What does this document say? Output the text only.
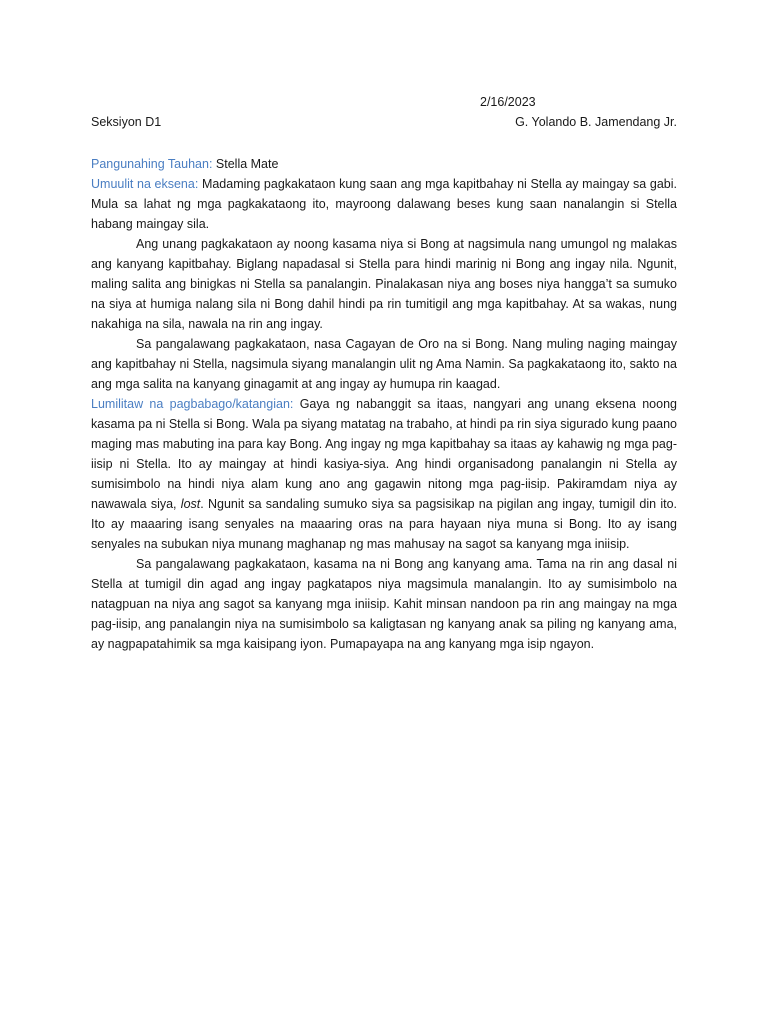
2/16/2023
Seksiyon D1	G. Yolando B. Jamendang Jr.

Pangunahing Tauhan: Stella Mate

Umuulit na eksena: Madaming pagkakataon kung saan ang mga kapitbahay ni Stella ay maingay sa gabi. Mula sa lahat ng mga pagkakataong ito, mayroong dalawang beses kung saan nanalangin si Stella habang maingay sila.

Ang unang pagkakataon ay noong kasama niya si Bong at nagsimula nang umungol ng malakas ang kanyang kapitbahay. Biglang napadasal si Stella para hindi marinig ni Bong ang ingay nila. Ngunit, maling salita ang binigkas ni Stella sa panalangin. Pinalakasan niya ang boses niya hangga’t sa sumuko na siya at humiga nalang sila ni Bong dahil hindi pa rin tumitigil ang mga kapitbahay. At sa wakas, nung nakahiga na sila, nawala na rin ang ingay.

Sa pangalawang pagkakataon, nasa Cagayan de Oro na si Bong. Nang muling naging maingay ang kapitbahay ni Stella, nagsimula siyang manalangin ulit ng Ama Namin. Sa pagkakataong ito, sakto na ang mga salita na kanyang ginagamit at ang ingay ay humupa rin kaagad.

Lumilitaw na pagbabago/katangian: Gaya ng nabanggit sa itaas, nangyari ang unang eksena noong kasama pa ni Stella si Bong. Wala pa siyang matatag na trabaho, at hindi pa rin siya sigurado kung paano maging mas mabuting ina para kay Bong. Ang ingay ng mga kapitbahay sa itaas ay kahawig ng mga pag-iisip ni Stella. Ito ay maingay at hindi kasiya-siya. Ang hindi organisadong panalangin ni Stella ay sumisimbolo na hindi niya alam kung ano ang gagawin nitong mga pag-iisip. Pakiramdam niya ay nawawala siya, lost. Ngunit sa sandaling sumuko siya sa pagsisikap na pigilan ang ingay, tumigil din ito. Ito ay maaaring isang senyales na maaaring oras na para hayaan niya muna si Bong. Ito ay isang senyales na subukan niya munang maghanap ng mas mahusay na sagot sa kanyang mga iniisip.

Sa pangalawang pagkakataon, kasama na ni Bong ang kanyang ama. Tama na rin ang dasal ni Stella at tumigil din agad ang ingay pagkatapos niya magsimula manalangin. Ito ay sumisimbolo na natagpuan na niya ang sagot sa kanyang mga iniisip. Kahit minsan nandoon pa rin ang maingay na mga pag-iisip, ang panalangin niya na sumisimbolo sa kaligtasan ng kanyang anak sa piling ng kanyang ama, ay nagpapatahimik sa mga kaisipang iyon. Pumapayapa na ang kanyang mga isip ngayon.
